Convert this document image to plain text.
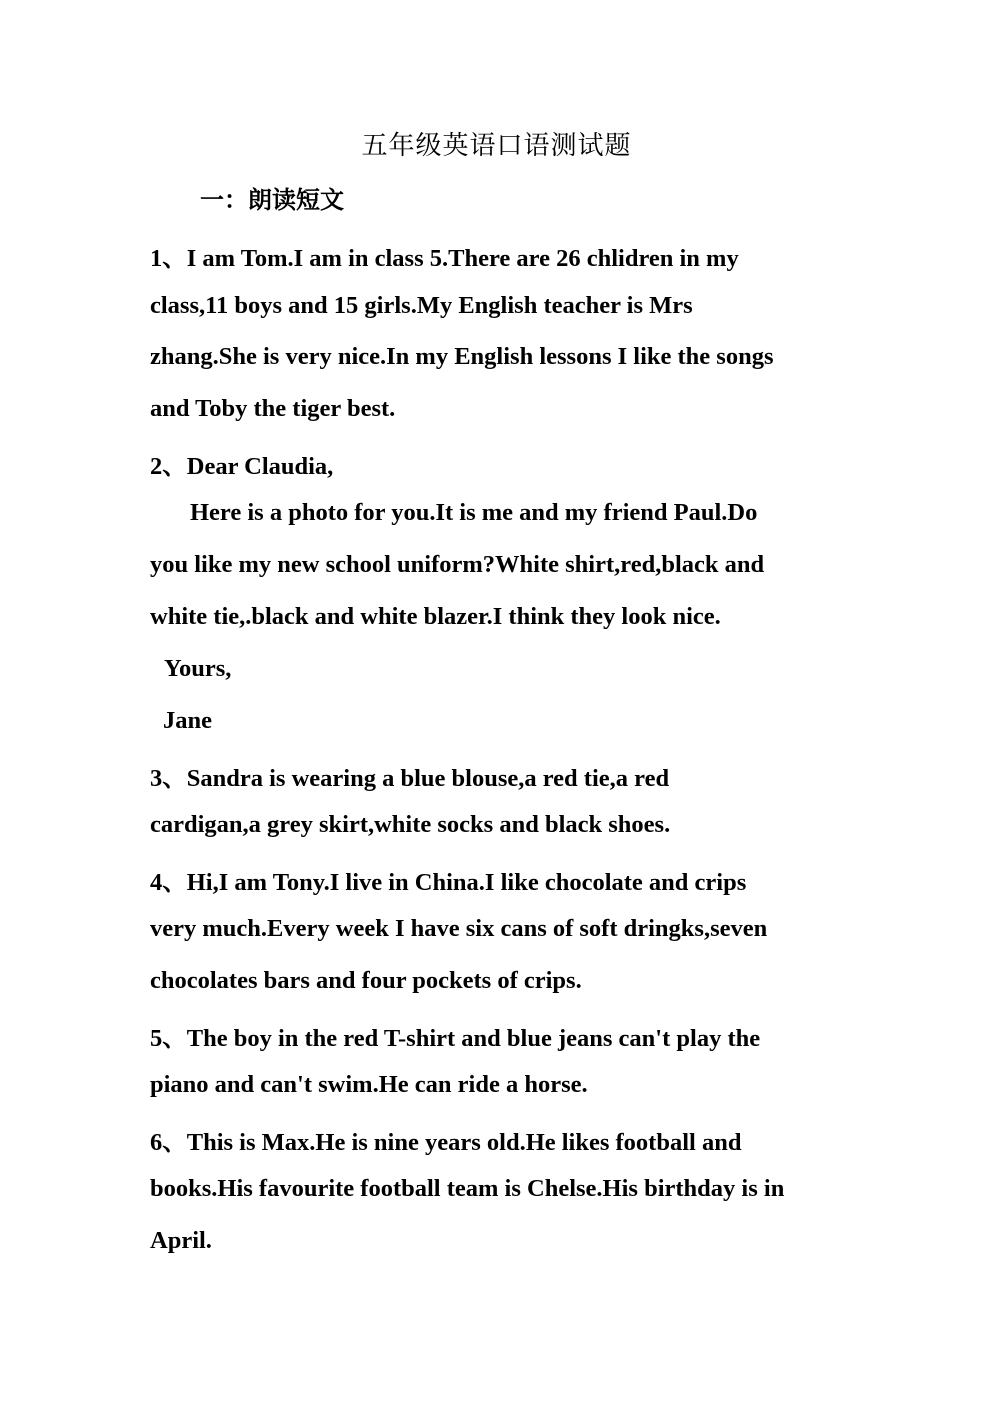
五年级英语口语测试题
一：朗读短文
1、I am Tom.I am in class 5.There are 26 chlidren in my
class,11 boys and 15 girls.My English teacher is Mrs
zhang.She is very nice.In my English lessons I like the songs
and Toby the tiger best.
2、Dear Claudia,
Here is a photo for you.It is me and my friend Paul.Do
you like my new school uniform?White shirt,red,black and
white tie,.black and white blazer.I think they look nice.
Yours,
Jane
3、Sandra is wearing a blue blouse,a red tie,a red
cardigan,a grey skirt,white socks and black shoes.
4、Hi,I am Tony.I live in China.I like chocolate and crips
very much.Every week I have six cans of soft dringks,seven
chocolates bars and four pockets of crips.
5、The boy in the red T-shirt and blue jeans can't play the
piano and can't swim.He can ride a horse.
6、This is Max.He is nine years old.He likes football and
books.His favourite football team is Chelse.His birthday is in
April.
